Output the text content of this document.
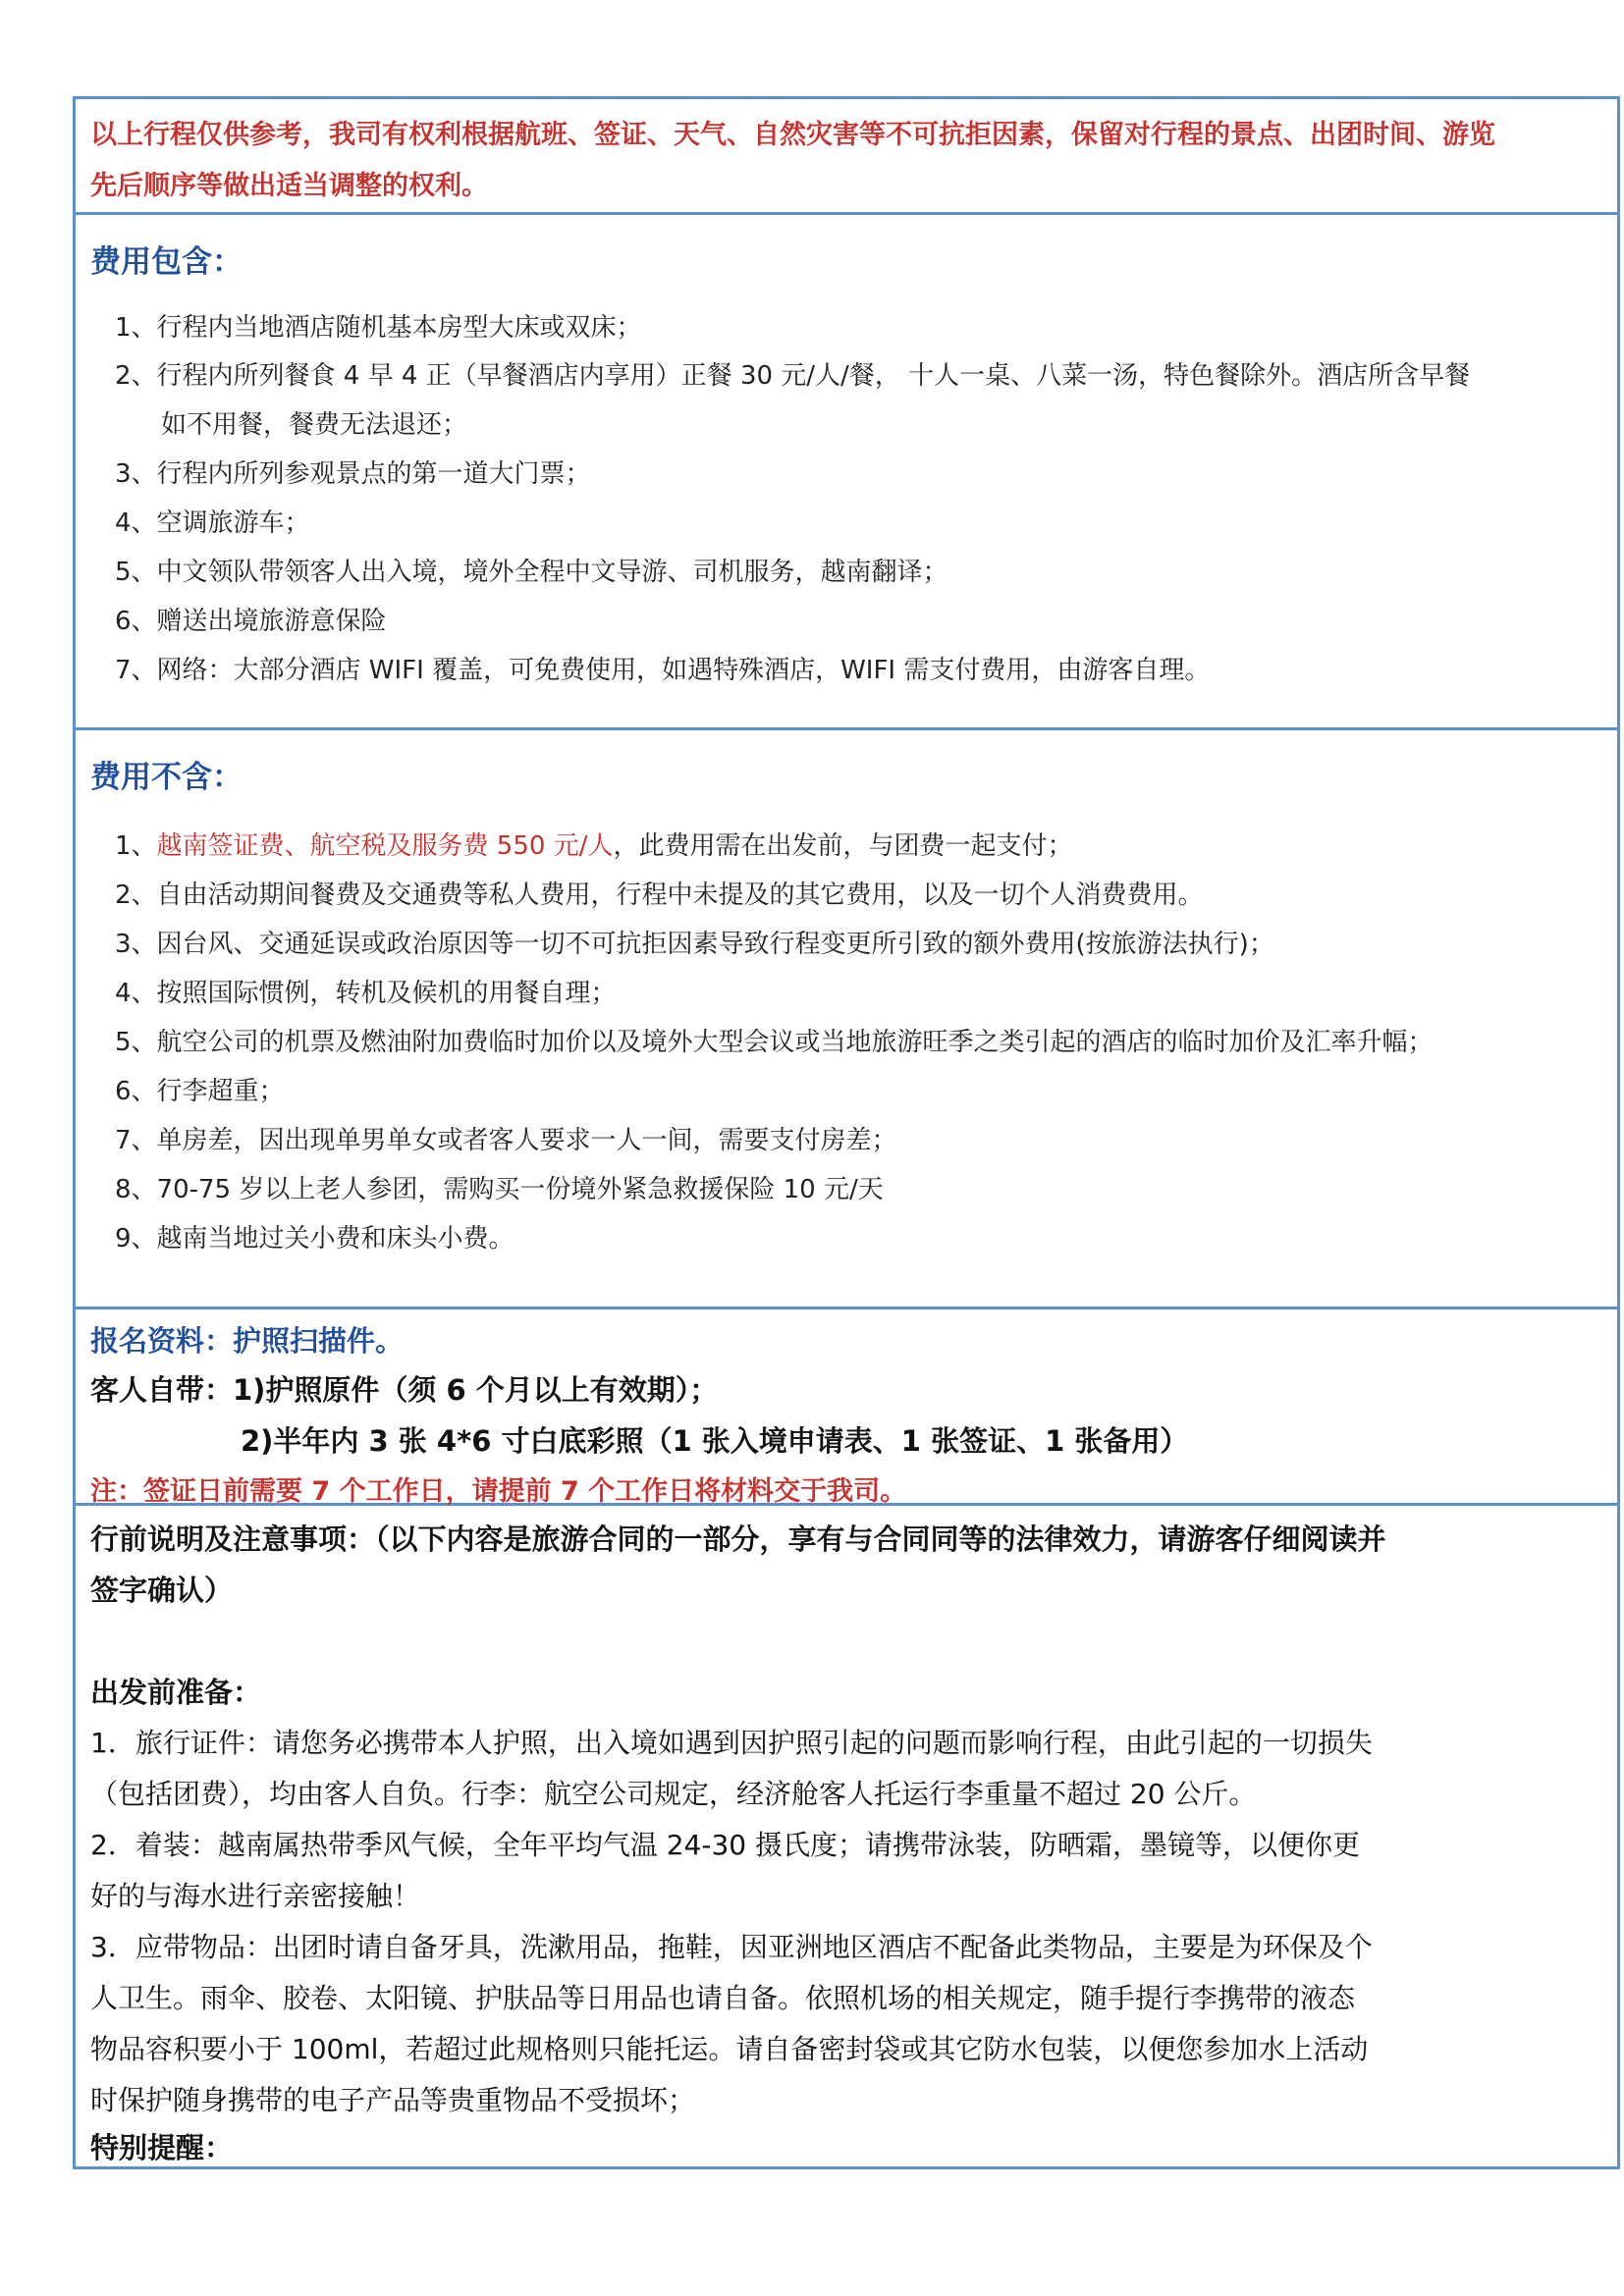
以上行程仅供参考，我司有权利根据航班、签证、天气、自然灾害等不可抗拒因素，保留对行程的景点、出团时间、游览
先后顺序等做出适当调整的权利。
费用包含：
1、行程内当地酒店随机基本房型大床或双床；
2、行程内所列餐食 4 早 4 正（早餐酒店内享用）正餐 30 元/人/餐， 十人一桌、八菜一汤，特色餐除外。酒店所含早餐
如不用餐，餐费无法退还；
3、行程内所列参观景点的第一道大门票；
4、空调旅游车；
5、中文领队带领客人出入境，境外全程中文导游、司机服务，越南翻译；
6、赠送出境旅游意保险
7、网络：大部分酒店 WIFI 覆盖，可免费使用，如遇特殊酒店，WIFI 需支付费用，由游客自理。
费用不含：
1、越南签证费、航空税及服务费 550 元/人，此费用需在出发前，与团费一起支付；
2、自由活动期间餐费及交通费等私人费用，行程中未提及的其它费用，以及一切个人消费费用。
3、因台风、交通延误或政治原因等一切不可抗拒因素导致行程变更所引致的额外费用(按旅游法执行)；
4、按照国际惯例，转机及候机的用餐自理；
5、航空公司的机票及燃油附加费临时加价以及境外大型会议或当地旅游旺季之类引起的酒店的临时加价及汇率升幅；
6、行李超重；
7、单房差，因出现单男单女或者客人要求一人一间，需要支付房差；
8、70-75 岁以上老人参团，需购买一份境外紧急救援保险 10 元/天
9、越南当地过关小费和床头小费。
报名资料：护照扫描件。
客人自带：1)护照原件（须 6 个月以上有效期）；
2)半年内 3 张 4*6 寸白底彩照（1 张入境申请表、1 张签证、1 张备用）
注：签证日前需要 7 个工作日，请提前 7 个工作日将材料交于我司。
行前说明及注意事项：（以下内容是旅游合同的一部分，享有与合同同等的法律效力，请游客仔细阅读并
签字确认）
出发前准备：
1．旅行证件：请您务必携带本人护照，出入境如遇到因护照引起的问题而影响行程，由此引起的一切损失
（包括团费），均由客人自负。行李：航空公司规定，经济舱客人托运行李重量不超过 20 公斤。
2．着装：越南属热带季风气候，全年平均气温 24-30 摄氏度；请携带泳装，防晒霜，墨镜等，以便你更
好的与海水进行亲密接触！
3．应带物品：出团时请自备牙具，洗漱用品，拖鞋，因亚洲地区酒店不配备此类物品，主要是为环保及个
人卫生。雨伞、胶卷、太阳镜、护肤品等日用品也请自备。依照机场的相关规定，随手提行李携带的液态
物品容积要小于 100ml，若超过此规格则只能托运。请自备密封袋或其它防水包装，以便您参加水上活动
时保护随身携带的电子产品等贵重物品不受损坏；
特别提醒：
